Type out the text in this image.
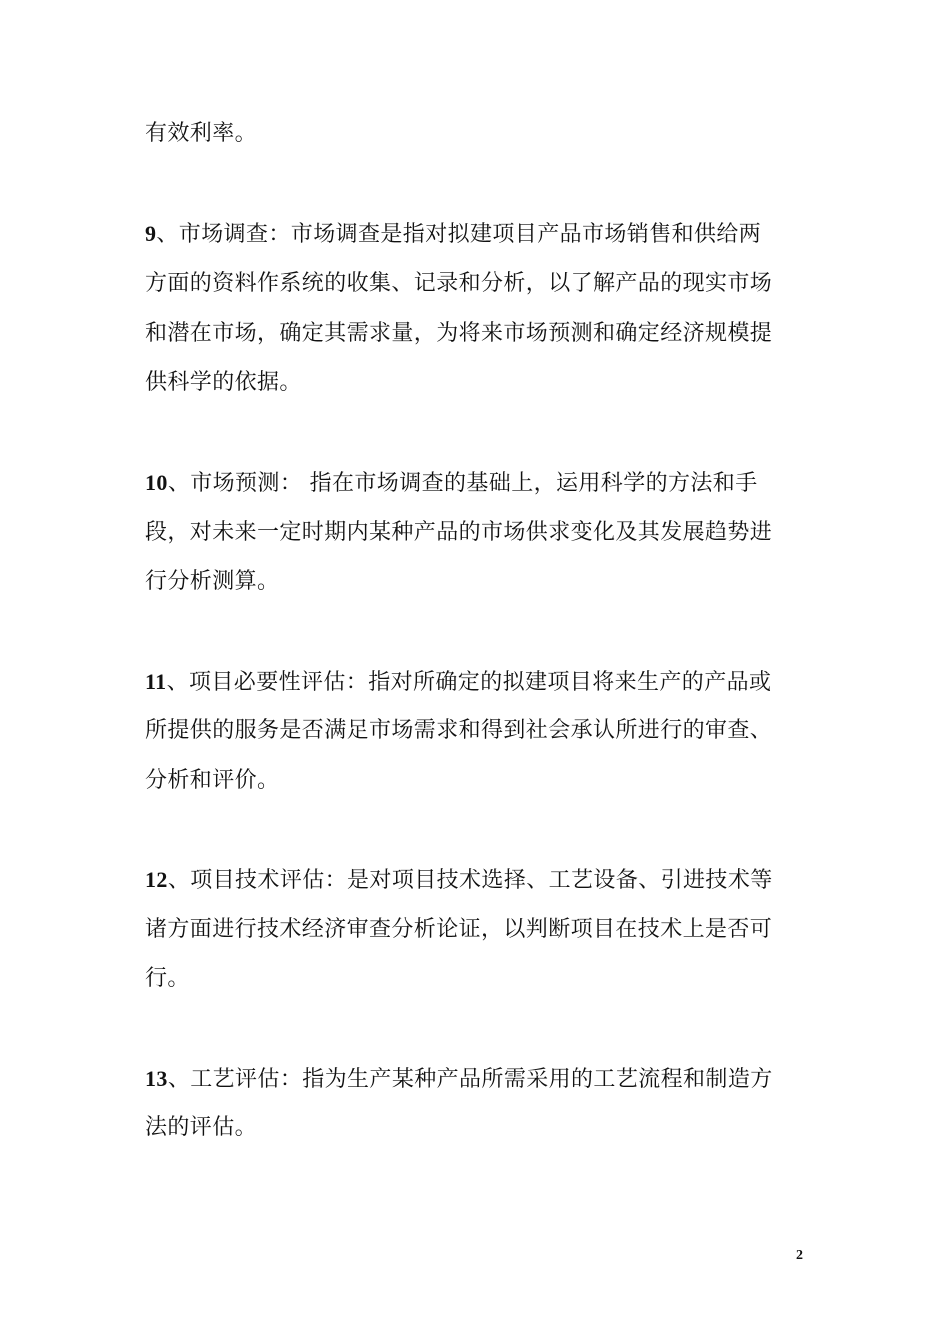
有效利率。
9、市场调查：市场调查是指对拟建项目产品市场销售和供给两
方面的资料作系统的收集、记录和分析，以了解产品的现实市场
和潜在市场，确定其需求量，为将来市场预测和确定经济规模提
供科学的依据。
10、市场预测： 指在市场调查的基础上，运用科学的方法和手
段，对未来一定时期内某种产品的市场供求变化及其发展趋势进
行分析测算。
11、项目必要性评估：指对所确定的拟建项目将来生产的产品或
所提供的服务是否满足市场需求和得到社会承认所进行的审查、
分析和评价。
12、项目技术评估：是对项目技术选择、工艺设备、引进技术等
诸方面进行技术经济审查分析论证，以判断项目在技术上是否可
行。
13、工艺评估：指为生产某种产品所需采用的工艺流程和制造方
法的评估。
2
